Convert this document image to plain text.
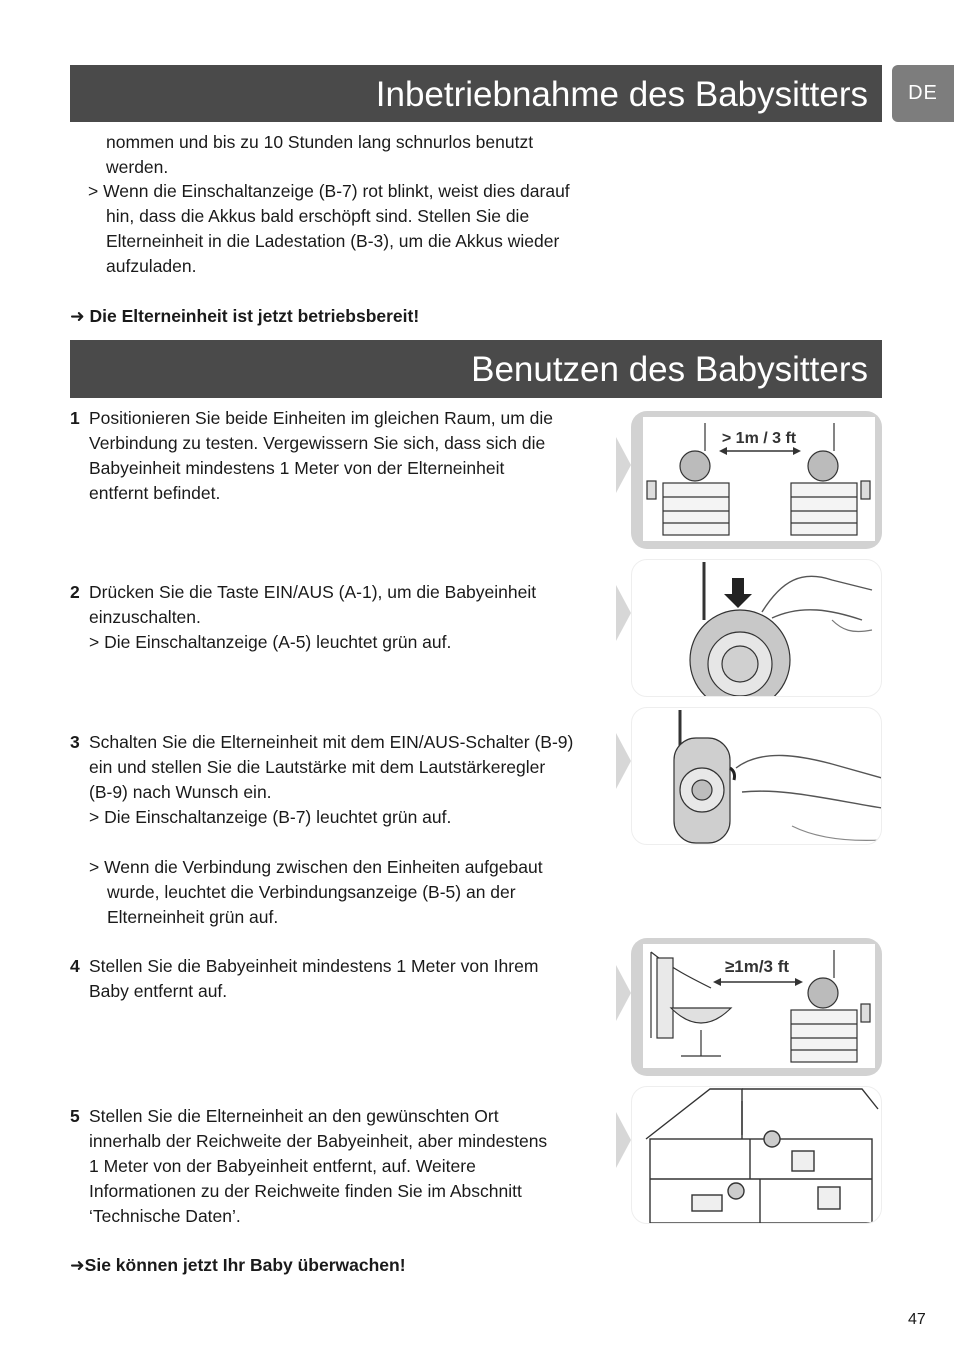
Inbetriebnahme des Babysitters	DE
nommen und bis zu 10 Stunden lang schnurlos benutzt
werden.
> Wenn die Einschaltanzeige (B-7) rot blinkt, weist dies darauf
hin, dass die Akkus bald erschöpft sind. Stellen Sie die
Elterneinheit in die Ladestation (B-3), um die Akkus wieder
aufzuladen.
➜ Die Elterneinheit ist jetzt betriebsbereit!
Benutzen des Babysitters
1 Positionieren Sie beide Einheiten im gleichen Raum, um die
Verbindung zu testen. Vergewissern Sie sich, dass sich die
Babyeinheit mindestens 1 Meter von der Elterneinheit
entfernt befindet.
2 Drücken Sie die Taste EIN/AUS (A-1), um die Babyeinheit
einzuschalten.
> Die Einschaltanzeige (A-5) leuchtet grün auf.
3 Schalten Sie die Elterneinheit mit dem EIN/AUS-Schalter (B-9)
ein und stellen Sie die Lautstärke mit dem Lautstärkeregler
(B-9) nach Wunsch ein.
> Die Einschaltanzeige (B-7) leuchtet grün auf.
> Wenn die Verbindung zwischen den Einheiten aufgebaut
wurde, leuchtet die Verbindungsanzeige (B-5) an der
Elterneinheit grün auf.
4 Stellen Sie die Babyeinheit mindestens 1 Meter von Ihrem
Baby entfernt auf.
5 Stellen Sie die Elterneinheit an den gewünschten Ort
innerhalb der Reichweite der Babyeinheit, aber mindestens
1 Meter von der Babyeinheit entfernt, auf. Weitere
Informationen zu der Reichweite finden Sie im Abschnitt
‘Technische Daten’.
➜Sie können jetzt Ihr Baby überwachen!
> 1m / 3 ft
≥1m/3 ft
47
